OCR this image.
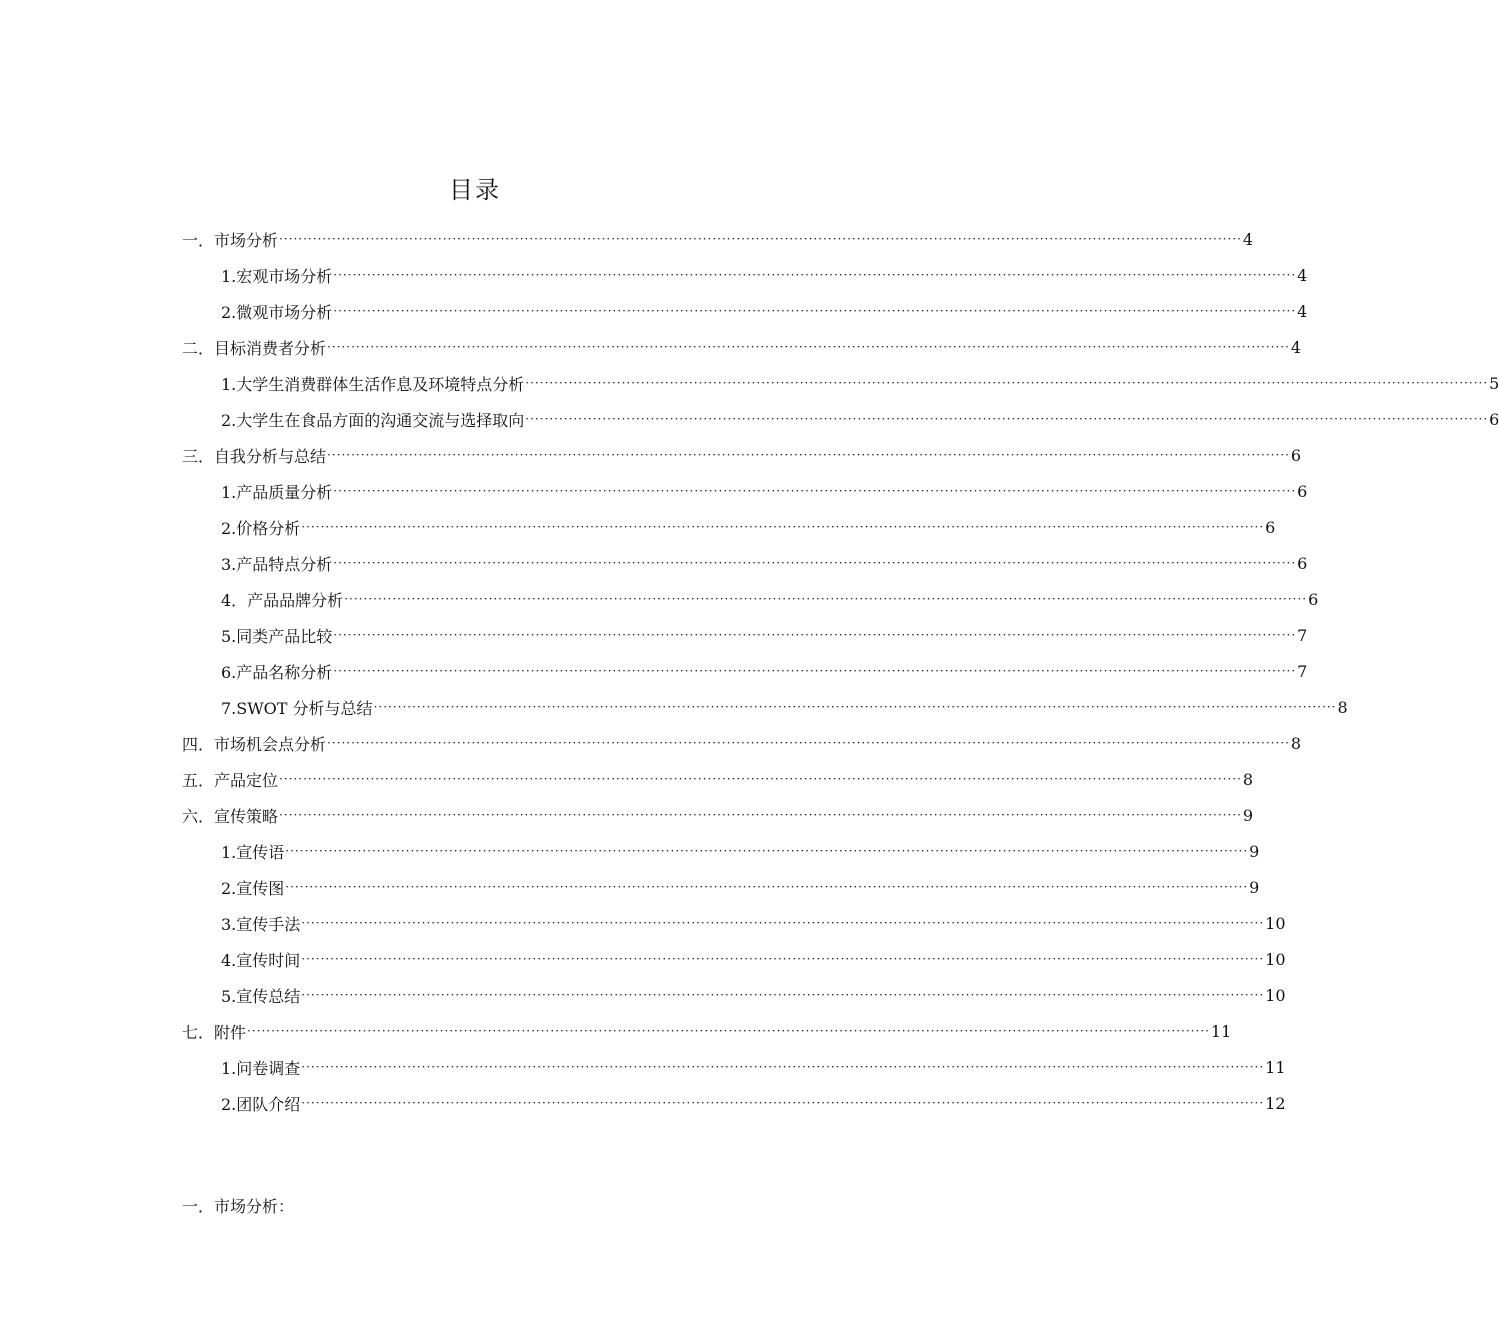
目录
一．市场分析 ········································································································································································································ 4
1.宏观市场分析 ········································································································································································································ 4
2.微观市场分析 ········································································································································································································ 4
二．目标消费者分析 ········································································································································································································ 4
1.大学生消费群体生活作息及环境特点分析 ········································································································································································································ 5
2.大学生在食品方面的沟通交流与选择取向 ········································································································································································································ 6
三．自我分析与总结 ········································································································································································································ 6
1.产品质量分析 ········································································································································································································ 6
2.价格分析 ········································································································································································································ 6
3.产品特点分析 ········································································································································································································ 6
4．产品品牌分析 ········································································································································································································ 6
5.同类产品比较 ········································································································································································································ 7
6.产品名称分析 ········································································································································································································ 7
7.SWOT 分析与总结 ········································································································································································································ 8
四．市场机会点分析 ········································································································································································································ 8
五．产品定位 ········································································································································································································ 8
六．宣传策略 ········································································································································································································ 9
1.宣传语 ········································································································································································································ 9
2.宣传图 ········································································································································································································ 9
3.宣传手法 ········································································································································································································ 10
4.宣传时间 ········································································································································································································ 10
5.宣传总结 ········································································································································································································ 10
七．附件 ········································································································································································································ 11
1.问卷调查 ········································································································································································································ 11
2.团队介绍 ········································································································································································································ 12
一．市场分析：
